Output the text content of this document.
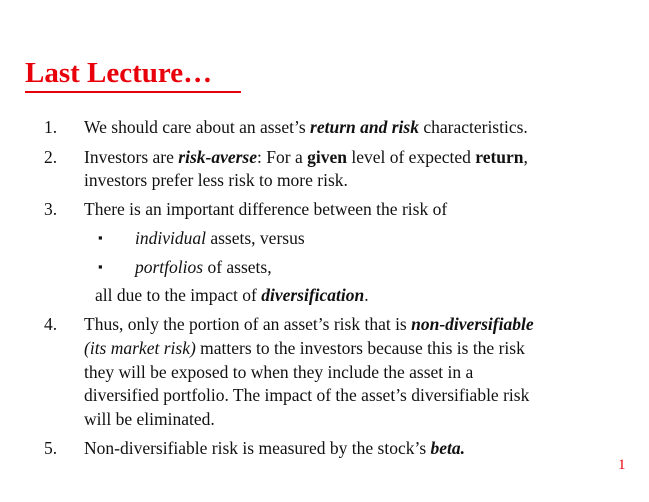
Last Lecture…
1. We should care about an asset’s return and risk characteristics.
2. Investors are risk-averse: For a given level of expected return,
investors prefer less risk to more risk.
3. There is an important difference between the risk of
▪ individual assets, versus
▪ portfolios of assets,
all due to the impact of diversification.
4. Thus, only the portion of an asset’s risk that is non-diversifiable
(its market risk) matters to the investors because this is the risk
they will be exposed to when they include the asset in a
diversified portfolio. The impact of the asset’s diversifiable risk
will be eliminated.
5. Non-diversifiable risk is measured by the stock’s beta.
1
